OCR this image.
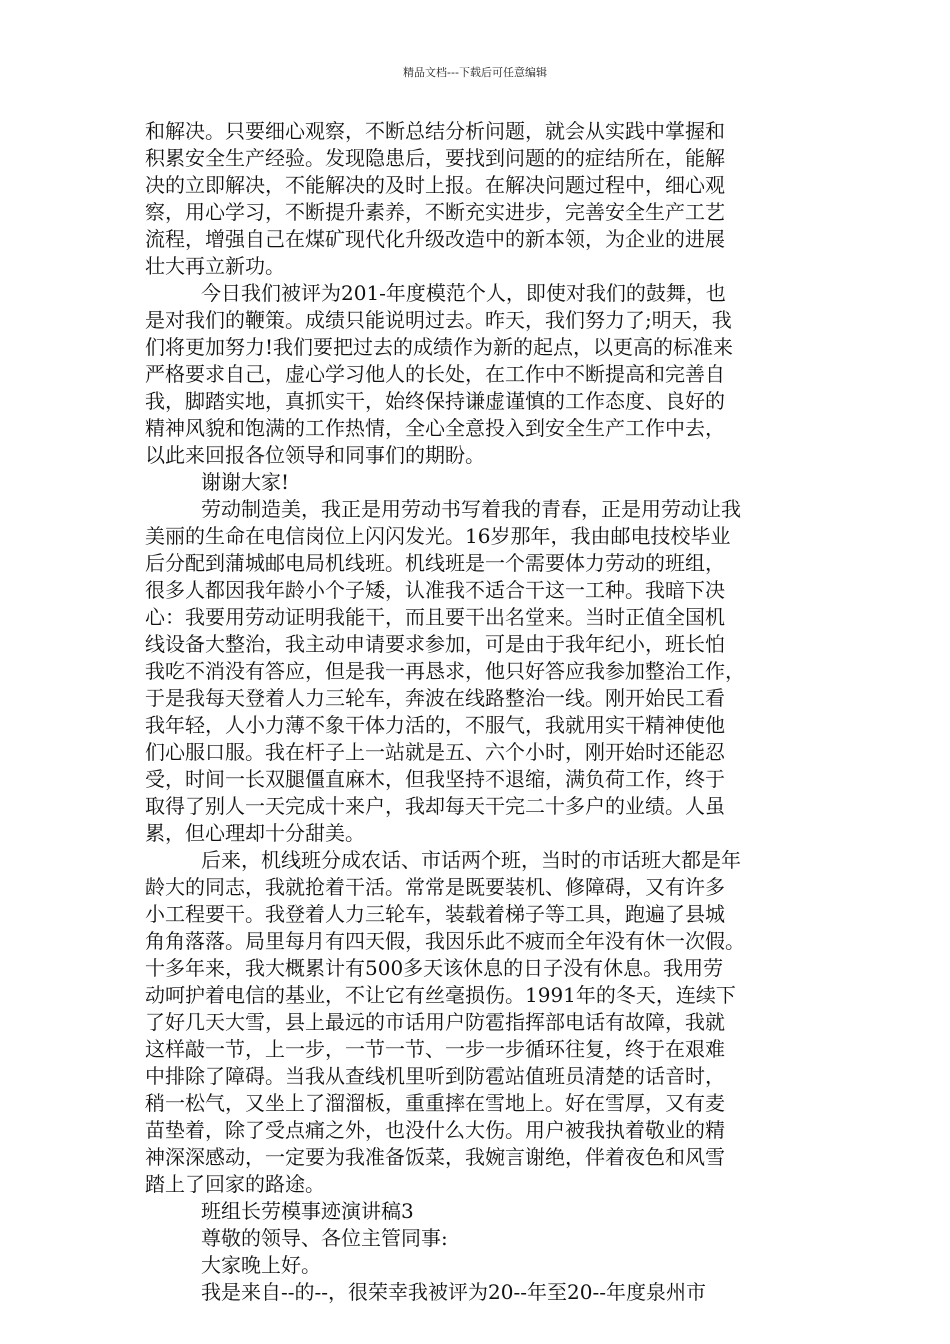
精品文档---下载后可任意编辑
和解决。只要细心观察，不断总结分析问题，就会从实践中掌握和
积累安全生产经验。发现隐患后，要找到问题的的症结所在，能解
决的立即解决，不能解决的及时上报。在解决问题过程中，细心观
察，用心学习，不断提升素养，不断充实进步，完善安全生产工艺
流程，增强自己在煤矿现代化升级改造中的新本领，为企业的进展
壮大再立新功。
今日我们被评为201-年度模范个人，即使对我们的鼓舞，也
是对我们的鞭策。成绩只能说明过去。昨天，我们努力了;明天，我
们将更加努力!我们要把过去的成绩作为新的起点，以更高的标准来
严格要求自己，虚心学习他人的长处，在工作中不断提高和完善自
我，脚踏实地，真抓实干，始终保持谦虚谨慎的工作态度、良好的
精神风貌和饱满的工作热情，全心全意投入到安全生产工作中去，
以此来回报各位领导和同事们的期盼。
谢谢大家!
劳动制造美，我正是用劳动书写着我的青春，正是用劳动让我
美丽的生命在电信岗位上闪闪发光。16岁那年，我由邮电技校毕业
后分配到蒲城邮电局机线班。机线班是一个需要体力劳动的班组，
很多人都因我年龄小个子矮，认准我不适合干这一工种。我暗下决
心：我要用劳动证明我能干，而且要干出名堂来。当时正值全国机
线设备大整治，我主动申请要求参加，可是由于我年纪小，班长怕
我吃不消没有答应，但是我一再恳求，他只好答应我参加整治工作，
于是我每天登着人力三轮车，奔波在线路整治一线。刚开始民工看
我年轻，人小力薄不象干体力活的，不服气，我就用实干精神使他
们心服口服。我在杆子上一站就是五、六个小时，刚开始时还能忍
受，时间一长双腿僵直麻木，但我坚持不退缩，满负荷工作，终于
取得了别人一天完成十来户，我却每天干完二十多户的业绩。人虽
累，但心理却十分甜美。
后来，机线班分成农话、市话两个班，当时的市话班大都是年
龄大的同志，我就抢着干活。常常是既要装机、修障碍，又有许多
小工程要干。我登着人力三轮车，装载着梯子等工具，跑遍了县城
角角落落。局里每月有四天假，我因乐此不疲而全年没有休一次假。
十多年来，我大概累计有500多天该休息的日子没有休息。我用劳
动呵护着电信的基业，不让它有丝毫损伤。1991年的冬天，连续下
了好几天大雪，县上最远的市话用户防雹指挥部电话有故障，我就
这样敲一节，上一步，一节一节、一步一步循环往复，终于在艰难
中排除了障碍。当我从查线机里听到防雹站值班员清楚的话音时，
稍一松气，又坐上了溜溜板，重重摔在雪地上。好在雪厚，又有麦
苗垫着，除了受点痛之外，也没什么大伤。用户被我执着敬业的精
神深深感动，一定要为我准备饭菜，我婉言谢绝，伴着夜色和风雪
踏上了回家的路途。
班组长劳模事迹演讲稿3
尊敬的领导、各位主管同事:
大家晚上好。
我是来自--的--，很荣幸我被评为20--年至20--年度泉州市
